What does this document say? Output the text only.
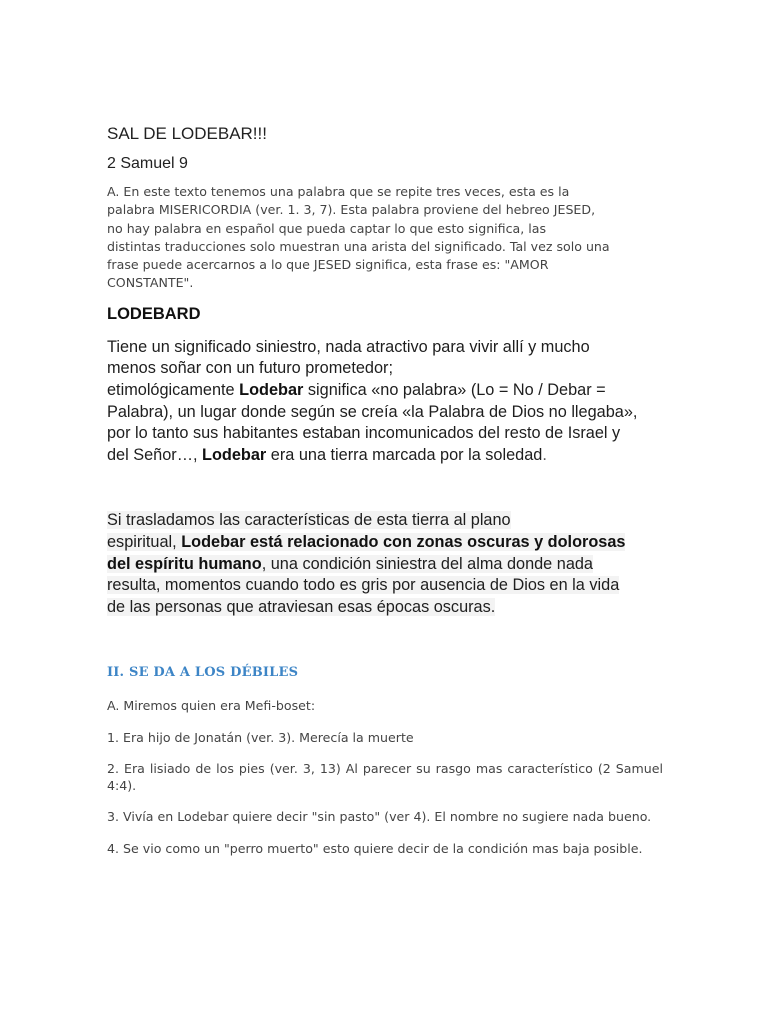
SAL DE LODEBAR!!!

2 Samuel 9

A. En este texto tenemos una palabra que se repite tres veces, esta es la
palabra MISERICORDIA (ver. 1. 3, 7). Esta palabra proviene del hebreo JESED,
no hay palabra en español que pueda captar lo que esto significa, las
distintas traducciones solo muestran una arista del significado. Tal vez solo una
frase puede acercarnos a lo que JESED significa, esta frase es: "AMOR
CONSTANTE".

LODEBARD

Tiene un significado siniestro, nada atractivo para vivir allí y mucho
menos soñar con un futuro prometedor;
etimológicamente Lodebar significa «no palabra» (Lo = No / Debar =
Palabra), un lugar donde según se creía «la Palabra de Dios no llegaba»,
por lo tanto sus habitantes estaban incomunicados del resto de Israel y
del Señor…, Lodebar era una tierra marcada por la soledad.

Si trasladamos las características de esta tierra al plano
espiritual, Lodebar está relacionado con zonas oscuras y dolorosas
del espíritu humano, una condición siniestra del alma donde nada
resulta, momentos cuando todo es gris por ausencia de Dios en la vida
de las personas que atraviesan esas épocas oscuras.

II. SE DA A LOS DÉBILES

A. Miremos quien era Mefi-boset:

1. Era hijo de Jonatán (ver. 3). Merecía la muerte

2. Era lisiado de los pies (ver. 3, 13) Al parecer su rasgo mas característico (2 Samuel 4:4).

3. Vivía en Lodebar quiere decir "sin pasto" (ver 4). El nombre no sugiere nada bueno.

4. Se vio como un "perro muerto" esto quiere decir de la condición mas baja posible.
